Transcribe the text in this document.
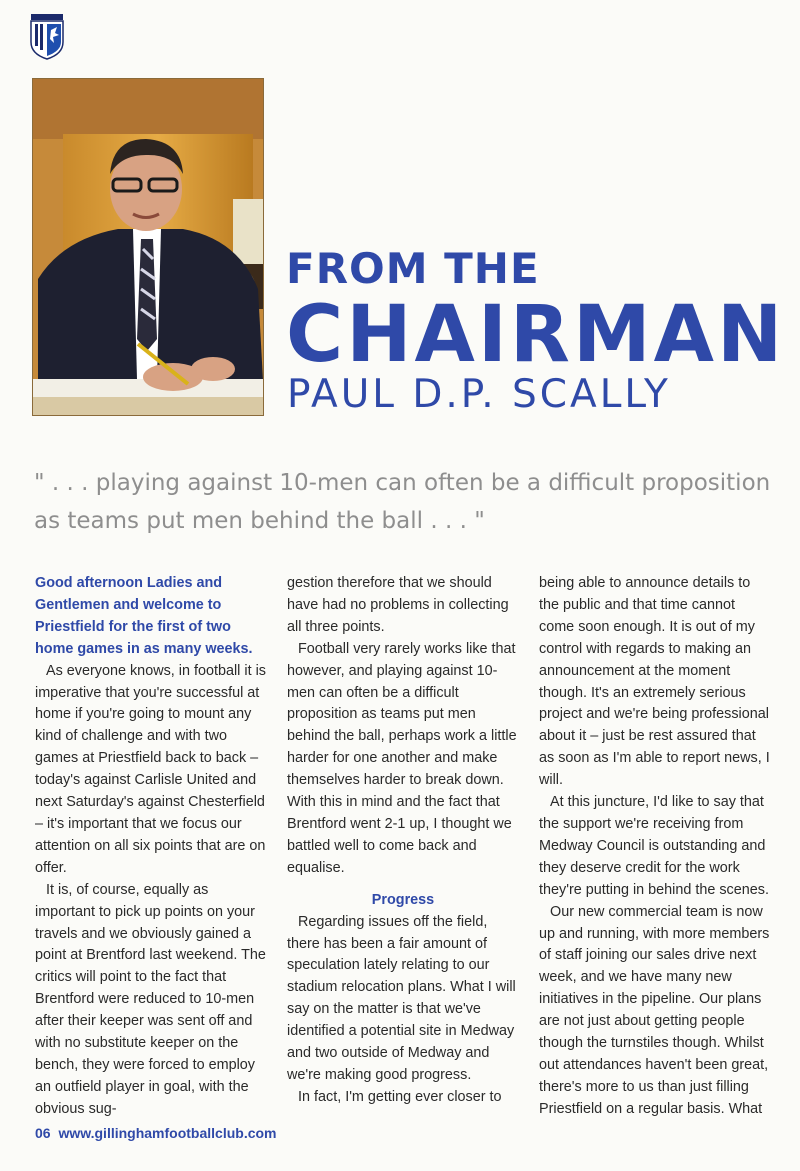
FROM THE
CHAIRMAN
PAUL D.P. SCALLY

" . . . playing against 10-men can often be a difficult proposition as teams put men behind the ball . . . "

Good afternoon Ladies and Gentlemen and welcome to Priestfield for the first of two home games in as many weeks.

As everyone knows, in football it is imperative that you're successful at home if you're going to mount any kind of challenge and with two games at Priestfield back to back – today's against Carlisle United and next Saturday's against Chesterfield – it's important that we focus our attention on all six points that are on offer.

It is, of course, equally as important to pick up points on your travels and we obviously gained a point at Brentford last weekend. The critics will point to the fact that Brentford were reduced to 10-men after their keeper was sent off and with no substitute keeper on the bench, they were forced to employ an outfield player in goal, with the obvious sug-

gestion therefore that we should have had no problems in collecting all three points.

Football very rarely works like that however, and playing against 10-men can often be a difficult proposition as teams put men behind the ball, perhaps work a little harder for one another and make themselves harder to break down. With this in mind and the fact that Brentford went 2-1 up, I thought we battled well to come back and equalise.

Progress

Regarding issues off the field, there has been a fair amount of speculation lately relating to our stadium relocation plans. What I will say on the matter is that we've identified a potential site in Medway and two outside of Medway and we're making good progress.

In fact, I'm getting ever closer to

being able to announce details to the public and that time cannot come soon enough. It is out of my control with regards to making an announcement at the moment though. It's an extremely serious project and we're being professional about it – just be rest assured that as soon as I'm able to report news, I will.

At this juncture, I'd like to say that the support we're receiving from Medway Council is outstanding and they deserve credit for the work they're putting in behind the scenes.

Our new commercial team is now up and running, with more members of staff joining our sales drive next week, and we have many new initiatives in the pipeline. Our plans are not just about getting people though the turnstiles though. Whilst out attendances haven't been great, there's more to us than just filling Priestfield on a regular basis. What

06 www.gillinghamfootballclub.com
